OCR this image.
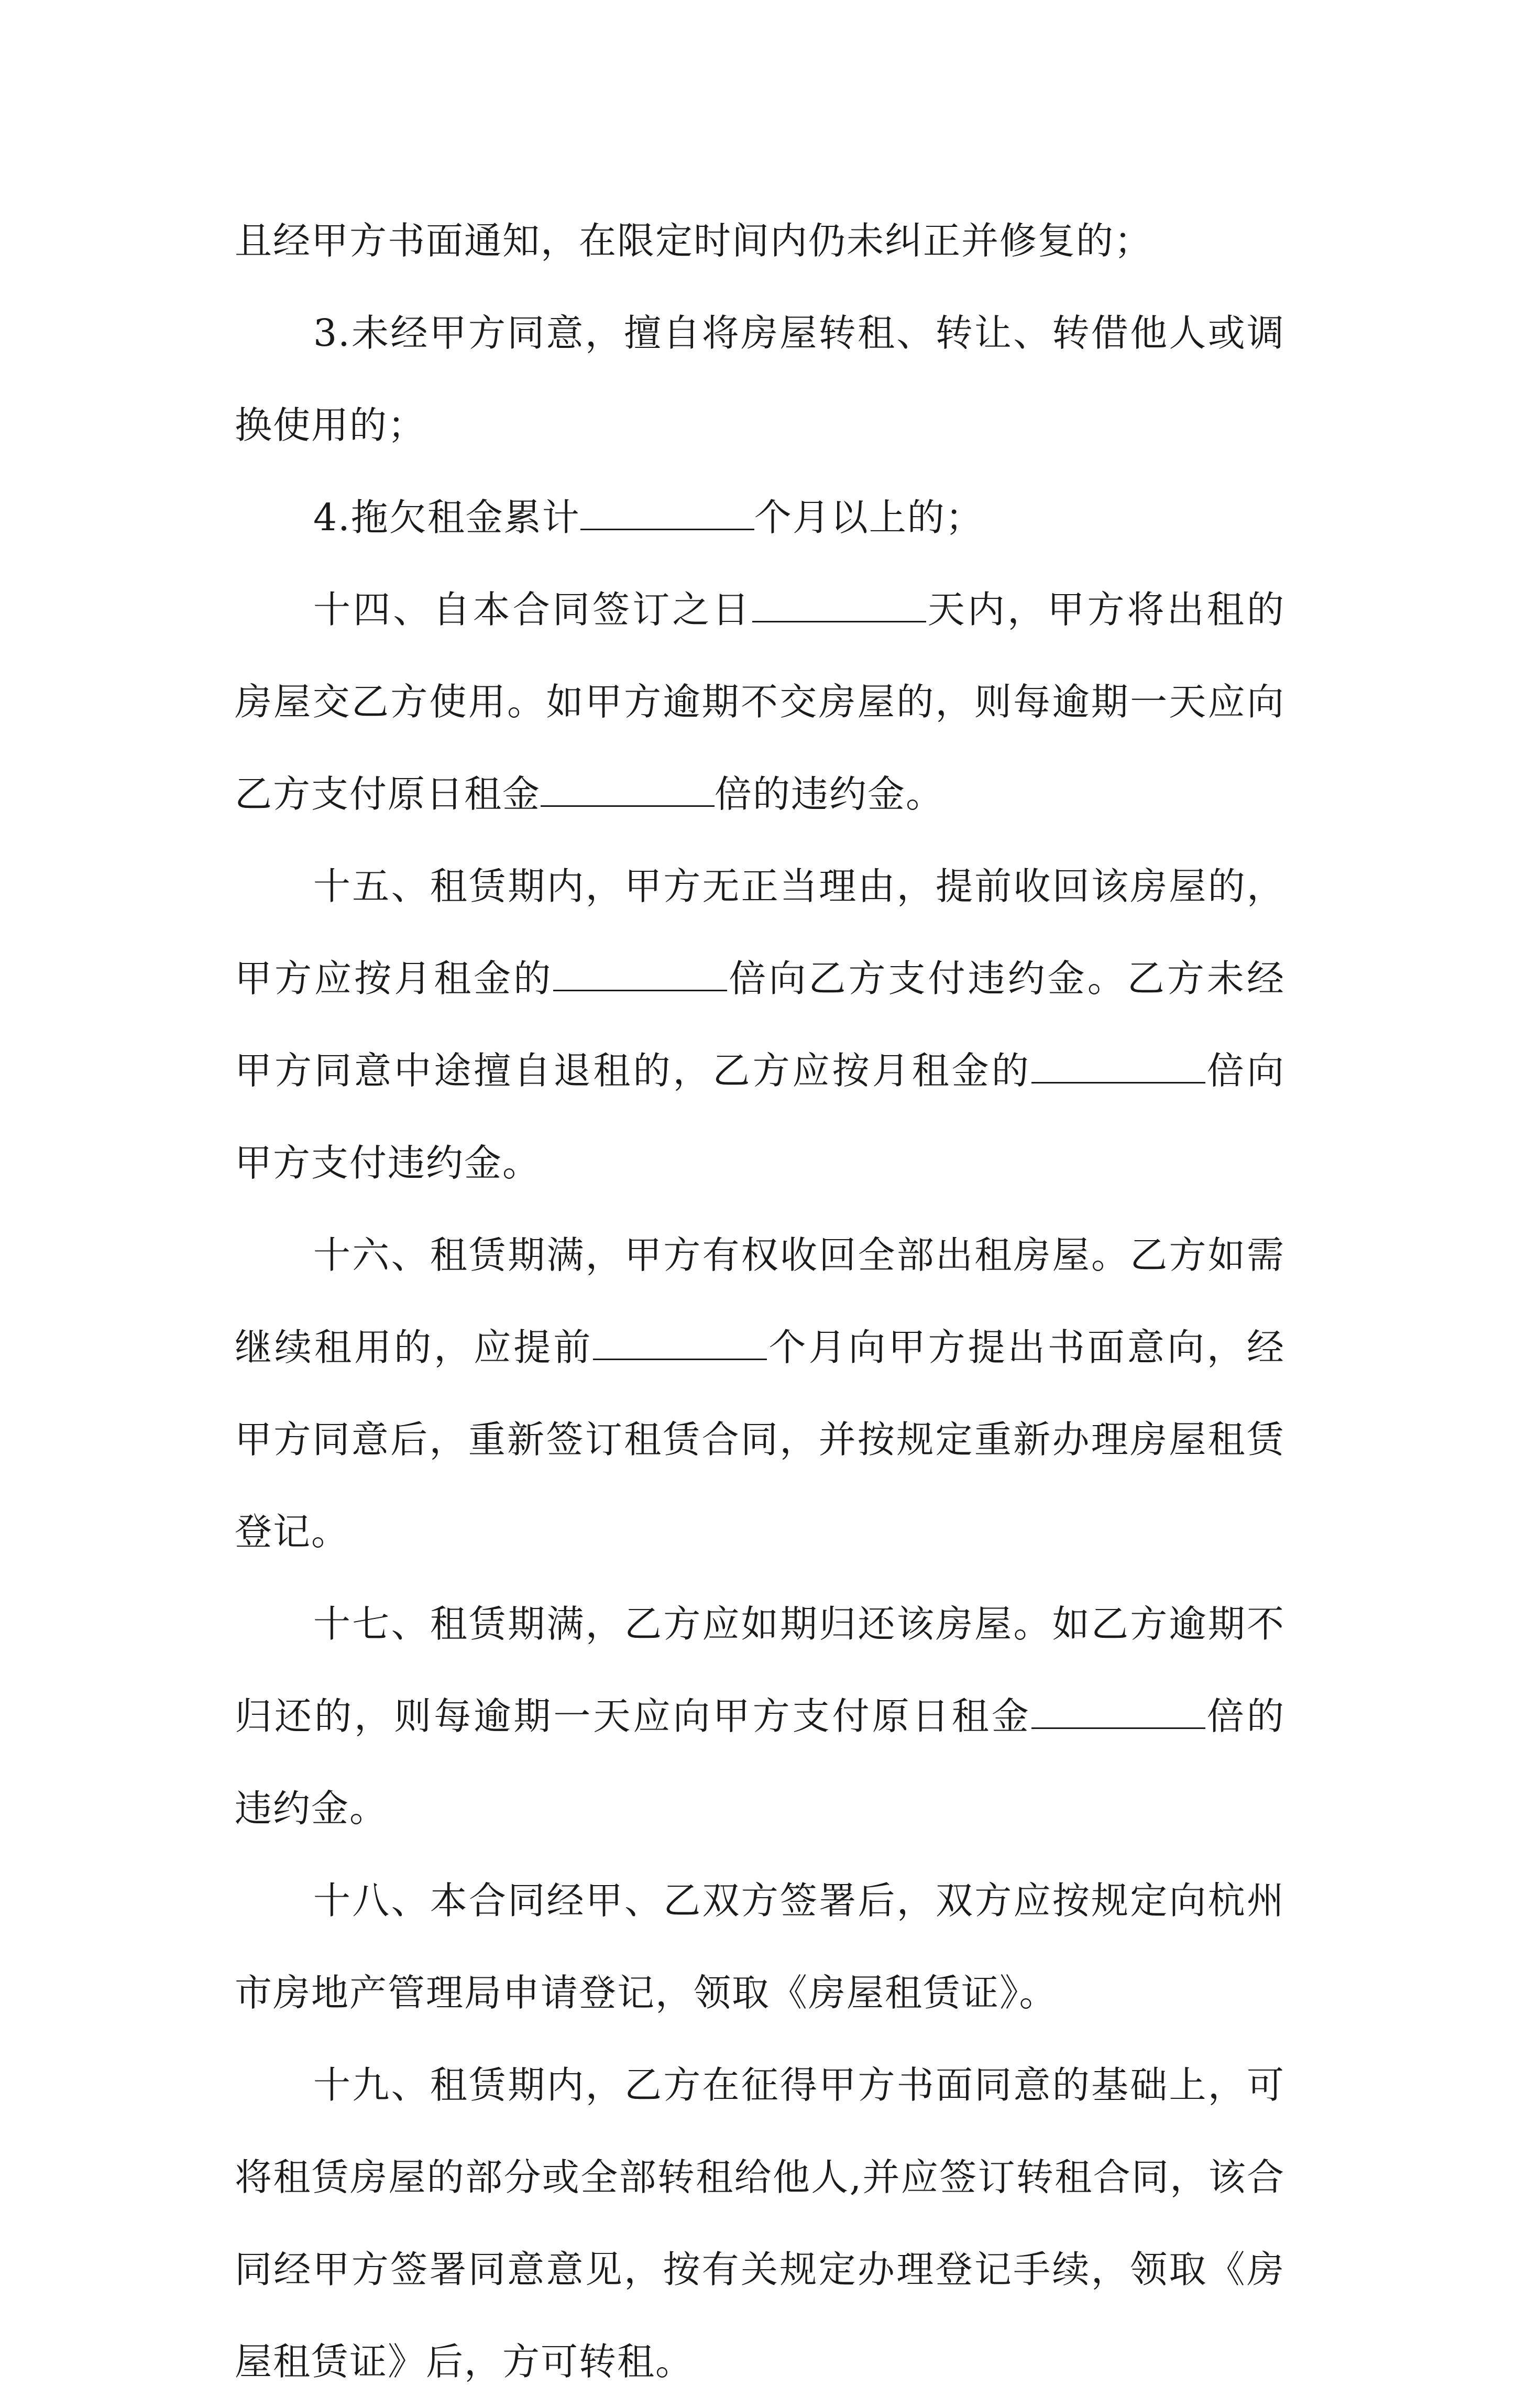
且经甲方书面通知，在限定时间内仍未纠正并修复的；

3.未经甲方同意，擅自将房屋转租、转让、转借他人或调换使用的；

4.拖欠租金累计	个月以上的；

十四、自本合同签订之日	天内，甲方将出租的房屋交乙方使用。如甲方逾期不交房屋的，则每逾期一天应向乙方支付原日租金	倍的违约金。

十五、租赁期内，甲方无正当理由，提前收回该房屋的，甲方应按月租金的	倍向乙方支付违约金。乙方未经甲方同意中途擅自退租的，乙方应按月租金的	倍向甲方支付违约金。

十六、租赁期满，甲方有权收回全部出租房屋。乙方如需继续租用的，应提前	个月向甲方提出书面意向，经甲方同意后，重新签订租赁合同，并按规定重新办理房屋租赁登记。

十七、租赁期满，乙方应如期归还该房屋。如乙方逾期不归还的，则每逾期一天应向甲方支付原日租金	倍的违约金。

十八、本合同经甲、乙双方签署后，双方应按规定向杭州市房地产管理局申请登记，领取《房屋租赁证》。

十九、租赁期内，乙方在征得甲方书面同意的基础上，可将租赁房屋的部分或全部转租给他人,并应签订转租合同，该合同经甲方签署同意意见，按有关规定办理登记手续，领取《房屋租赁证》后，方可转租。
